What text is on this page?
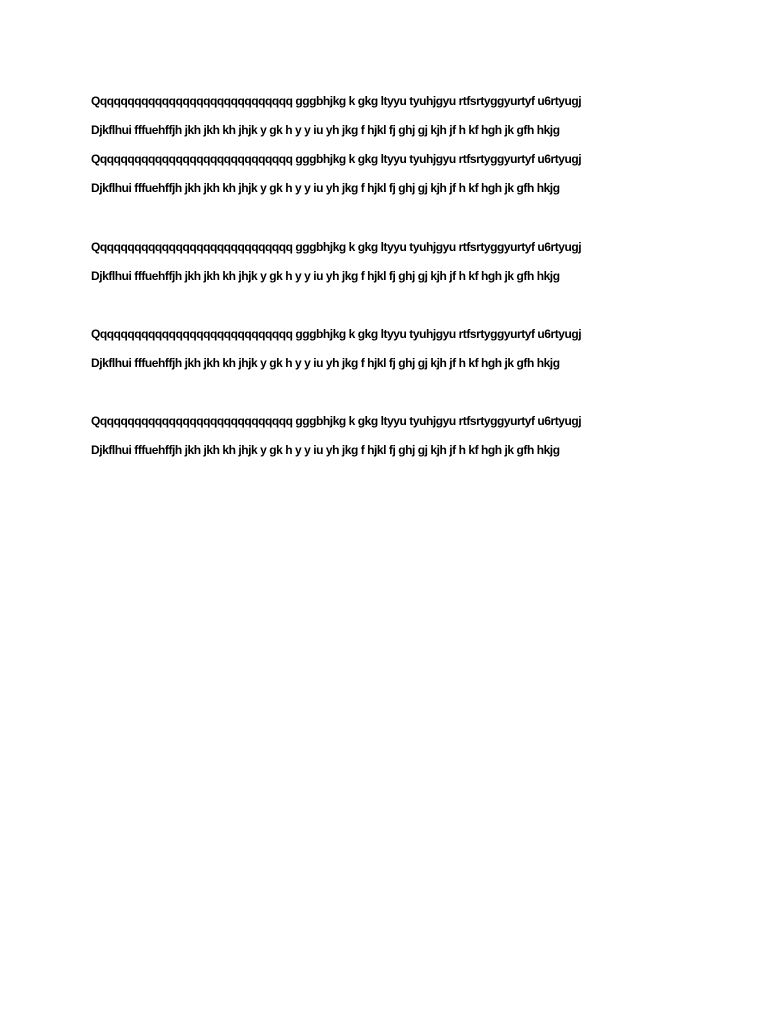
Qqqqqqqqqqqqqqqqqqqqqqqqqqqqq gggbhjkg k gkg ltyyu tyuhjgyu rtfsrtyggyurtyf u6rtyugj
Djkflhui fffuehffjh jkh jkh kh jhjk y gk h y y iu yh jkg f hjkl fj ghj gj kjh jf h kf hgh jk gfh hkjg
Qqqqqqqqqqqqqqqqqqqqqqqqqqqqq gggbhjkg k gkg ltyyu tyuhjgyu rtfsrtyggyurtyf u6rtyugj
Djkflhui fffuehffjh jkh jkh kh jhjk y gk h y y iu yh jkg f hjkl fj ghj gj kjh jf h kf hgh jk gfh hkjg
Qqqqqqqqqqqqqqqqqqqqqqqqqqqqq gggbhjkg k gkg ltyyu tyuhjgyu rtfsrtyggyurtyf u6rtyugj
Djkflhui fffuehffjh jkh jkh kh jhjk y gk h y y iu yh jkg f hjkl fj ghj gj kjh jf h kf hgh jk gfh hkjg
Qqqqqqqqqqqqqqqqqqqqqqqqqqqqq gggbhjkg k gkg ltyyu tyuhjgyu rtfsrtyggyurtyf u6rtyugj
Djkflhui fffuehffjh jkh jkh kh jhjk y gk h y y iu yh jkg f hjkl fj ghj gj kjh jf h kf hgh jk gfh hkjg
Qqqqqqqqqqqqqqqqqqqqqqqqqqqqq gggbhjkg k gkg ltyyu tyuhjgyu rtfsrtyggyurtyf u6rtyugj
Djkflhui fffuehffjh jkh jkh kh jhjk y gk h y y iu yh jkg f hjkl fj ghj gj kjh jf h kf hgh jk gfh hkjg
